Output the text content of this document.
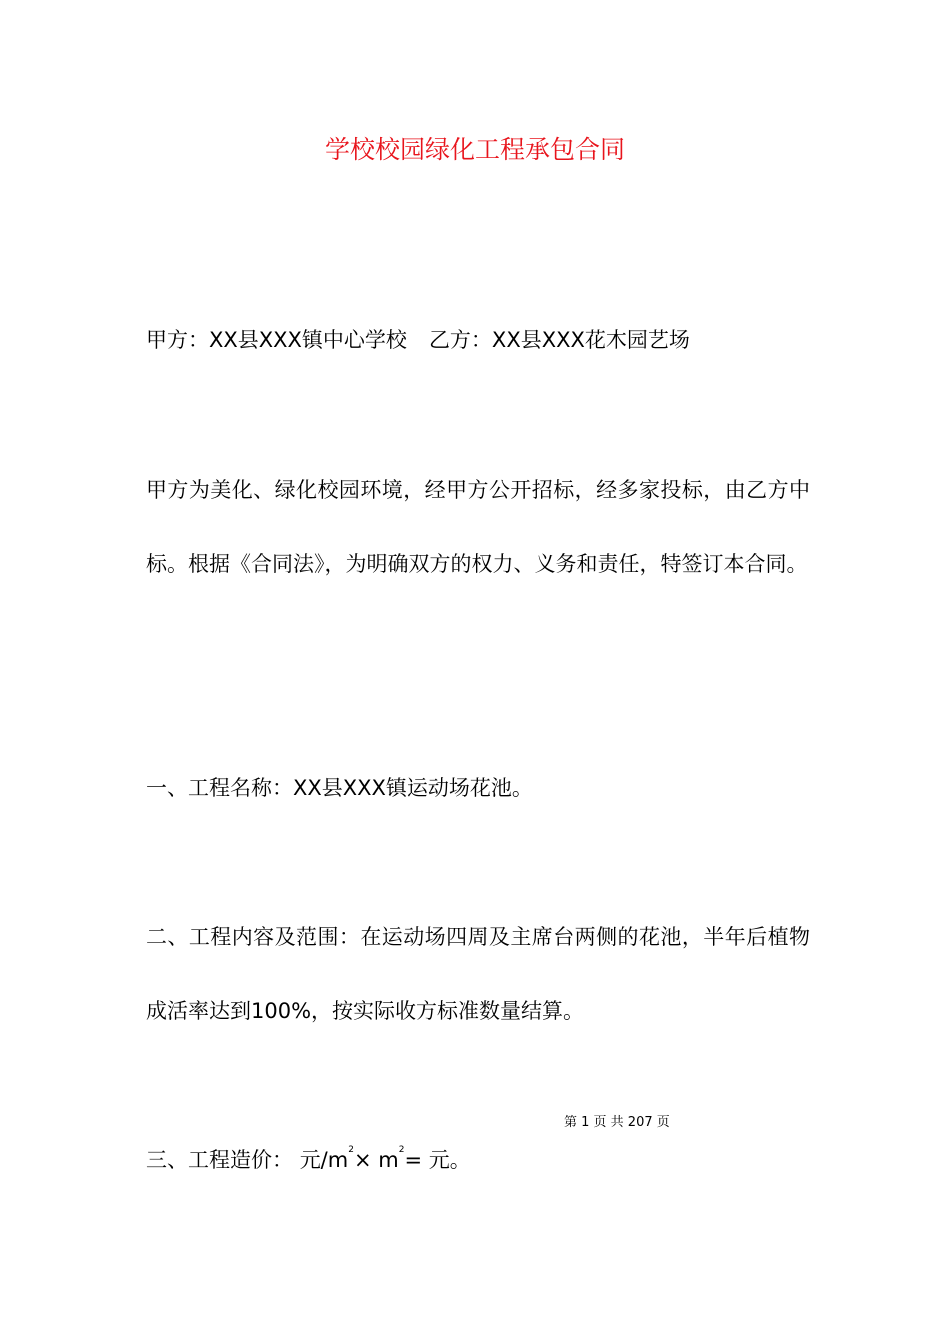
学校校园绿化工程承包合同

甲方：XX县XXX镇中心学校 乙方：XX县XXX花木园艺场

甲方为美化、绿化校园环境，经甲方公开招标，经多家投标，由乙方中标。根据《合同法》，为明确双方的权力、义务和责任，特签订本合同。

一、工程名称：XX县XXX镇运动场花池。

二、工程内容及范围：在运动场四周及主席台两侧的花池，半年后植物成活率达到100%，按实际收方标准数量结算。

第 1 页 共 207 页

三、工程造价： 元$/m^2\times m^2=$ 元。
